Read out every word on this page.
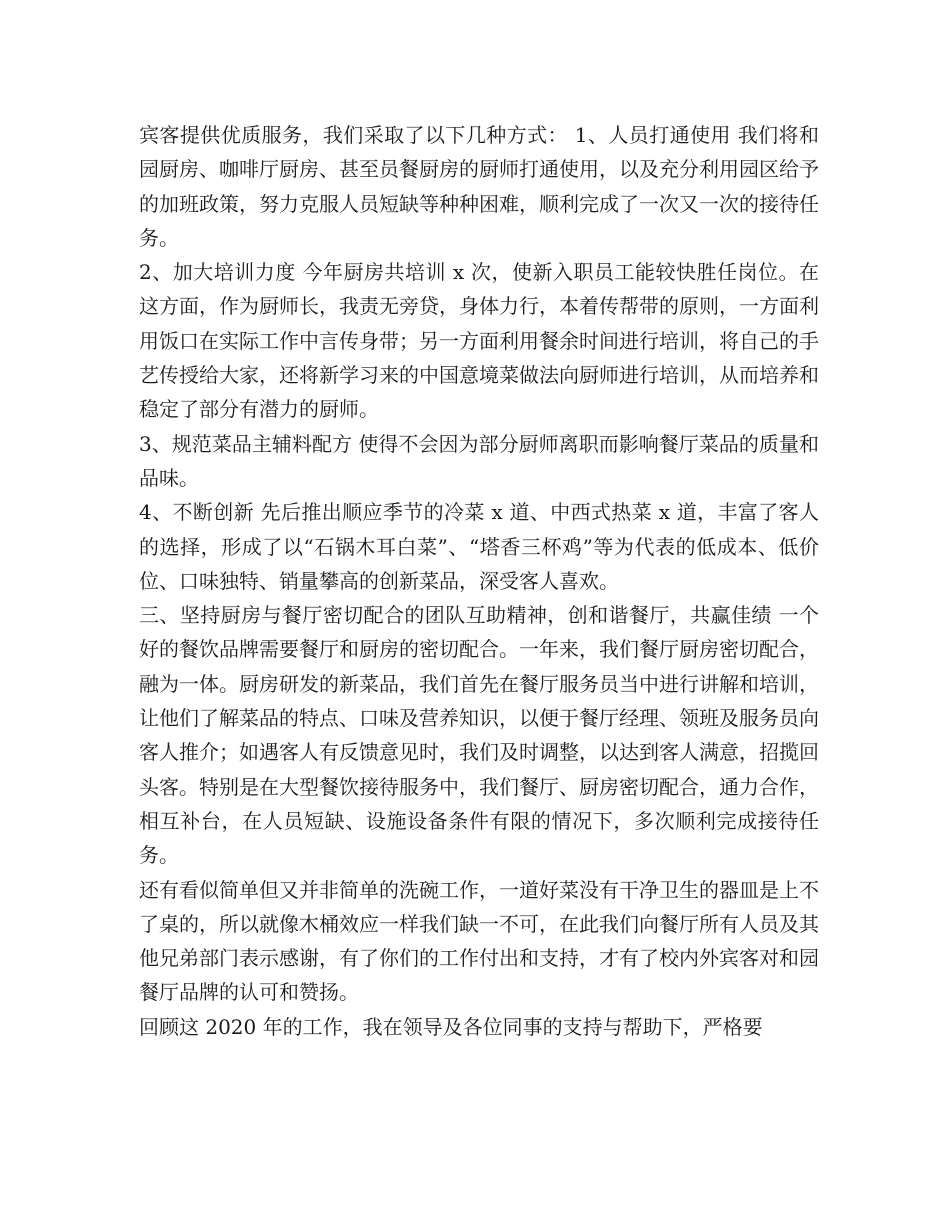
宾客提供优质服务，我们采取了以下几种方式： 1、人员打通使用 我们将和园厨房、咖啡厅厨房、甚至员餐厨房的厨师打通使用，以及充分利用园区给予的加班政策，努力克服人员短缺等种种困难，顺利完成了一次又一次的接待任务。

2、加大培训力度 今年厨房共培训 x 次，使新入职员工能较快胜任岗位。在这方面，作为厨师长，我责无旁贷，身体力行，本着传帮带的原则，一方面利用饭口在实际工作中言传身带；另一方面利用餐余时间进行培训，将自己的手艺传授给大家，还将新学习来的中国意境菜做法向厨师进行培训，从而培养和稳定了部分有潜力的厨师。

3、规范菜品主辅料配方 使得不会因为部分厨师离职而影响餐厅菜品的质量和品味。

4、不断创新 先后推出顺应季节的冷菜 x 道、中西式热菜 x 道，丰富了客人的选择，形成了以“石锅木耳白菜”、“塔香三杯鸡”等为代表的低成本、低价位、口味独特、销量攀高的创新菜品，深受客人喜欢。

三、坚持厨房与餐厅密切配合的团队互助精神，创和谐餐厅，共赢佳绩 一个好的餐饮品牌需要餐厅和厨房的密切配合。一年来，我们餐厅厨房密切配合，融为一体。厨房研发的新菜品，我们首先在餐厅服务员当中进行讲解和培训，让他们了解菜品的特点、口味及营养知识，以便于餐厅经理、领班及服务员向客人推介；如遇客人有反馈意见时，我们及时调整，以达到客人满意，招揽回头客。特别是在大型餐饮接待服务中，我们餐厅、厨房密切配合，通力合作，相互补台，在人员短缺、设施设备条件有限的情况下，多次顺利完成接待任务。

还有看似简单但又并非简单的洗碗工作，一道好菜没有干净卫生的器皿是上不了桌的，所以就像木桶效应一样我们缺一不可，在此我们向餐厅所有人员及其他兄弟部门表示感谢，有了你们的工作付出和支持，才有了校内外宾客对和园餐厅品牌的认可和赞扬。

回顾这 2020 年的工作，我在领导及各位同事的支持与帮助下，严格要
